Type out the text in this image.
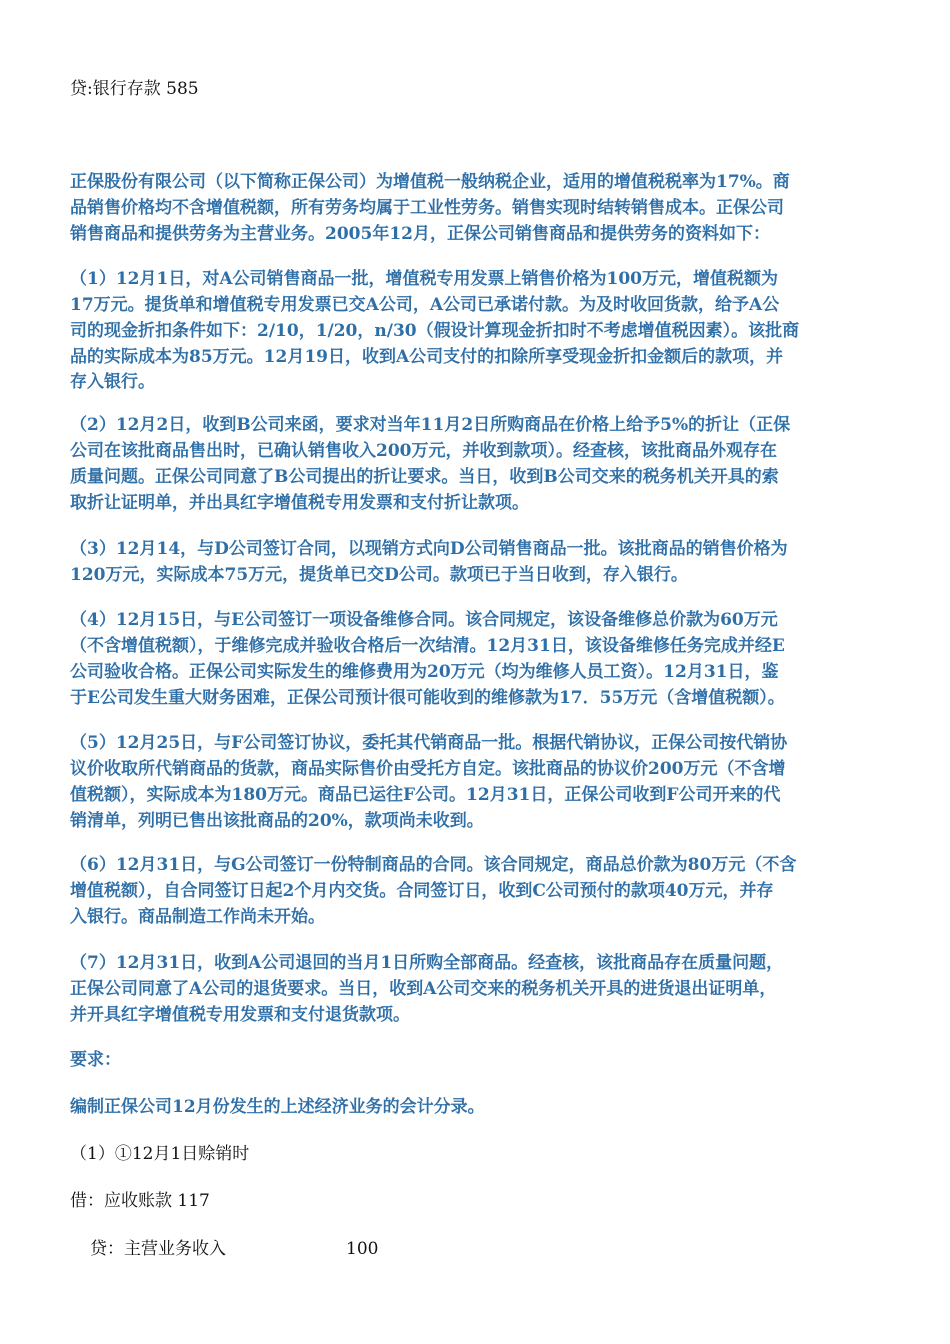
贷:银行存款 585
正保股份有限公司（以下简称正保公司）为增值税一般纳税企业，适用的增值税税率为17%。商
品销售价格均不含增值税额，所有劳务均属于工业性劳务。销售实现时结转销售成本。正保公司
销售商品和提供劳务为主营业务。2005年12月，正保公司销售商品和提供劳务的资料如下：
（1）12月1日，对A公司销售商品一批，增值税专用发票上销售价格为100万元，增值税额为
17万元。提货单和增值税专用发票已交A公司，A公司已承诺付款。为及时收回货款，给予A公
司的现金折扣条件如下：2/10，1/20，n/30（假设计算现金折扣时不考虑增值税因素）。该批商
品的实际成本为85万元。12月19日，收到A公司支付的扣除所享受现金折扣金额后的款项，并
存入银行。
（2）12月2日，收到B公司来函，要求对当年11月2日所购商品在价格上给予5%的折让（正保
公司在该批商品售出时，已确认销售收入200万元，并收到款项）。经查核，该批商品外观存在
质量问题。正保公司同意了B公司提出的折让要求。当日，收到B公司交来的税务机关开具的索
取折让证明单，并出具红字增值税专用发票和支付折让款项。
（3）12月14，与D公司签订合同，以现销方式向D公司销售商品一批。该批商品的销售价格为
120万元，实际成本75万元，提货单已交D公司。款项已于当日收到，存入银行。
（4）12月15日，与E公司签订一项设备维修合同。该合同规定，该设备维修总价款为60万元
（不含增值税额），于维修完成并验收合格后一次结清。12月31日，该设备维修任务完成并经E
公司验收合格。正保公司实际发生的维修费用为20万元（均为维修人员工资）。12月31日，鉴
于E公司发生重大财务困难，正保公司预计很可能收到的维修款为17．55万元（含增值税额）。
（5）12月25日，与F公司签订协议，委托其代销商品一批。根据代销协议，正保公司按代销协
议价收取所代销商品的货款，商品实际售价由受托方自定。该批商品的协议价200万元（不含增
值税额），实际成本为180万元。商品已运往F公司。12月31日，正保公司收到F公司开来的代
销清单，列明已售出该批商品的20%，款项尚未收到。
（6）12月31日，与G公司签订一份特制商品的合同。该合同规定，商品总价款为80万元（不含
增值税额），自合同签订日起2个月内交货。合同签订日，收到C公司预付的款项40万元，并存
入银行。商品制造工作尚未开始。
（7）12月31日，收到A公司退回的当月1日所购全部商品。经查核，该批商品存在质量问题，
正保公司同意了A公司的退货要求。当日，收到A公司交来的税务机关开具的进货退出证明单，
并开具红字增值税专用发票和支付退货款项。
要求：
编制正保公司12月份发生的上述经济业务的会计分录。
（1）①12月1日赊销时
借：应收账款 117
贷：主营业务收入	100
